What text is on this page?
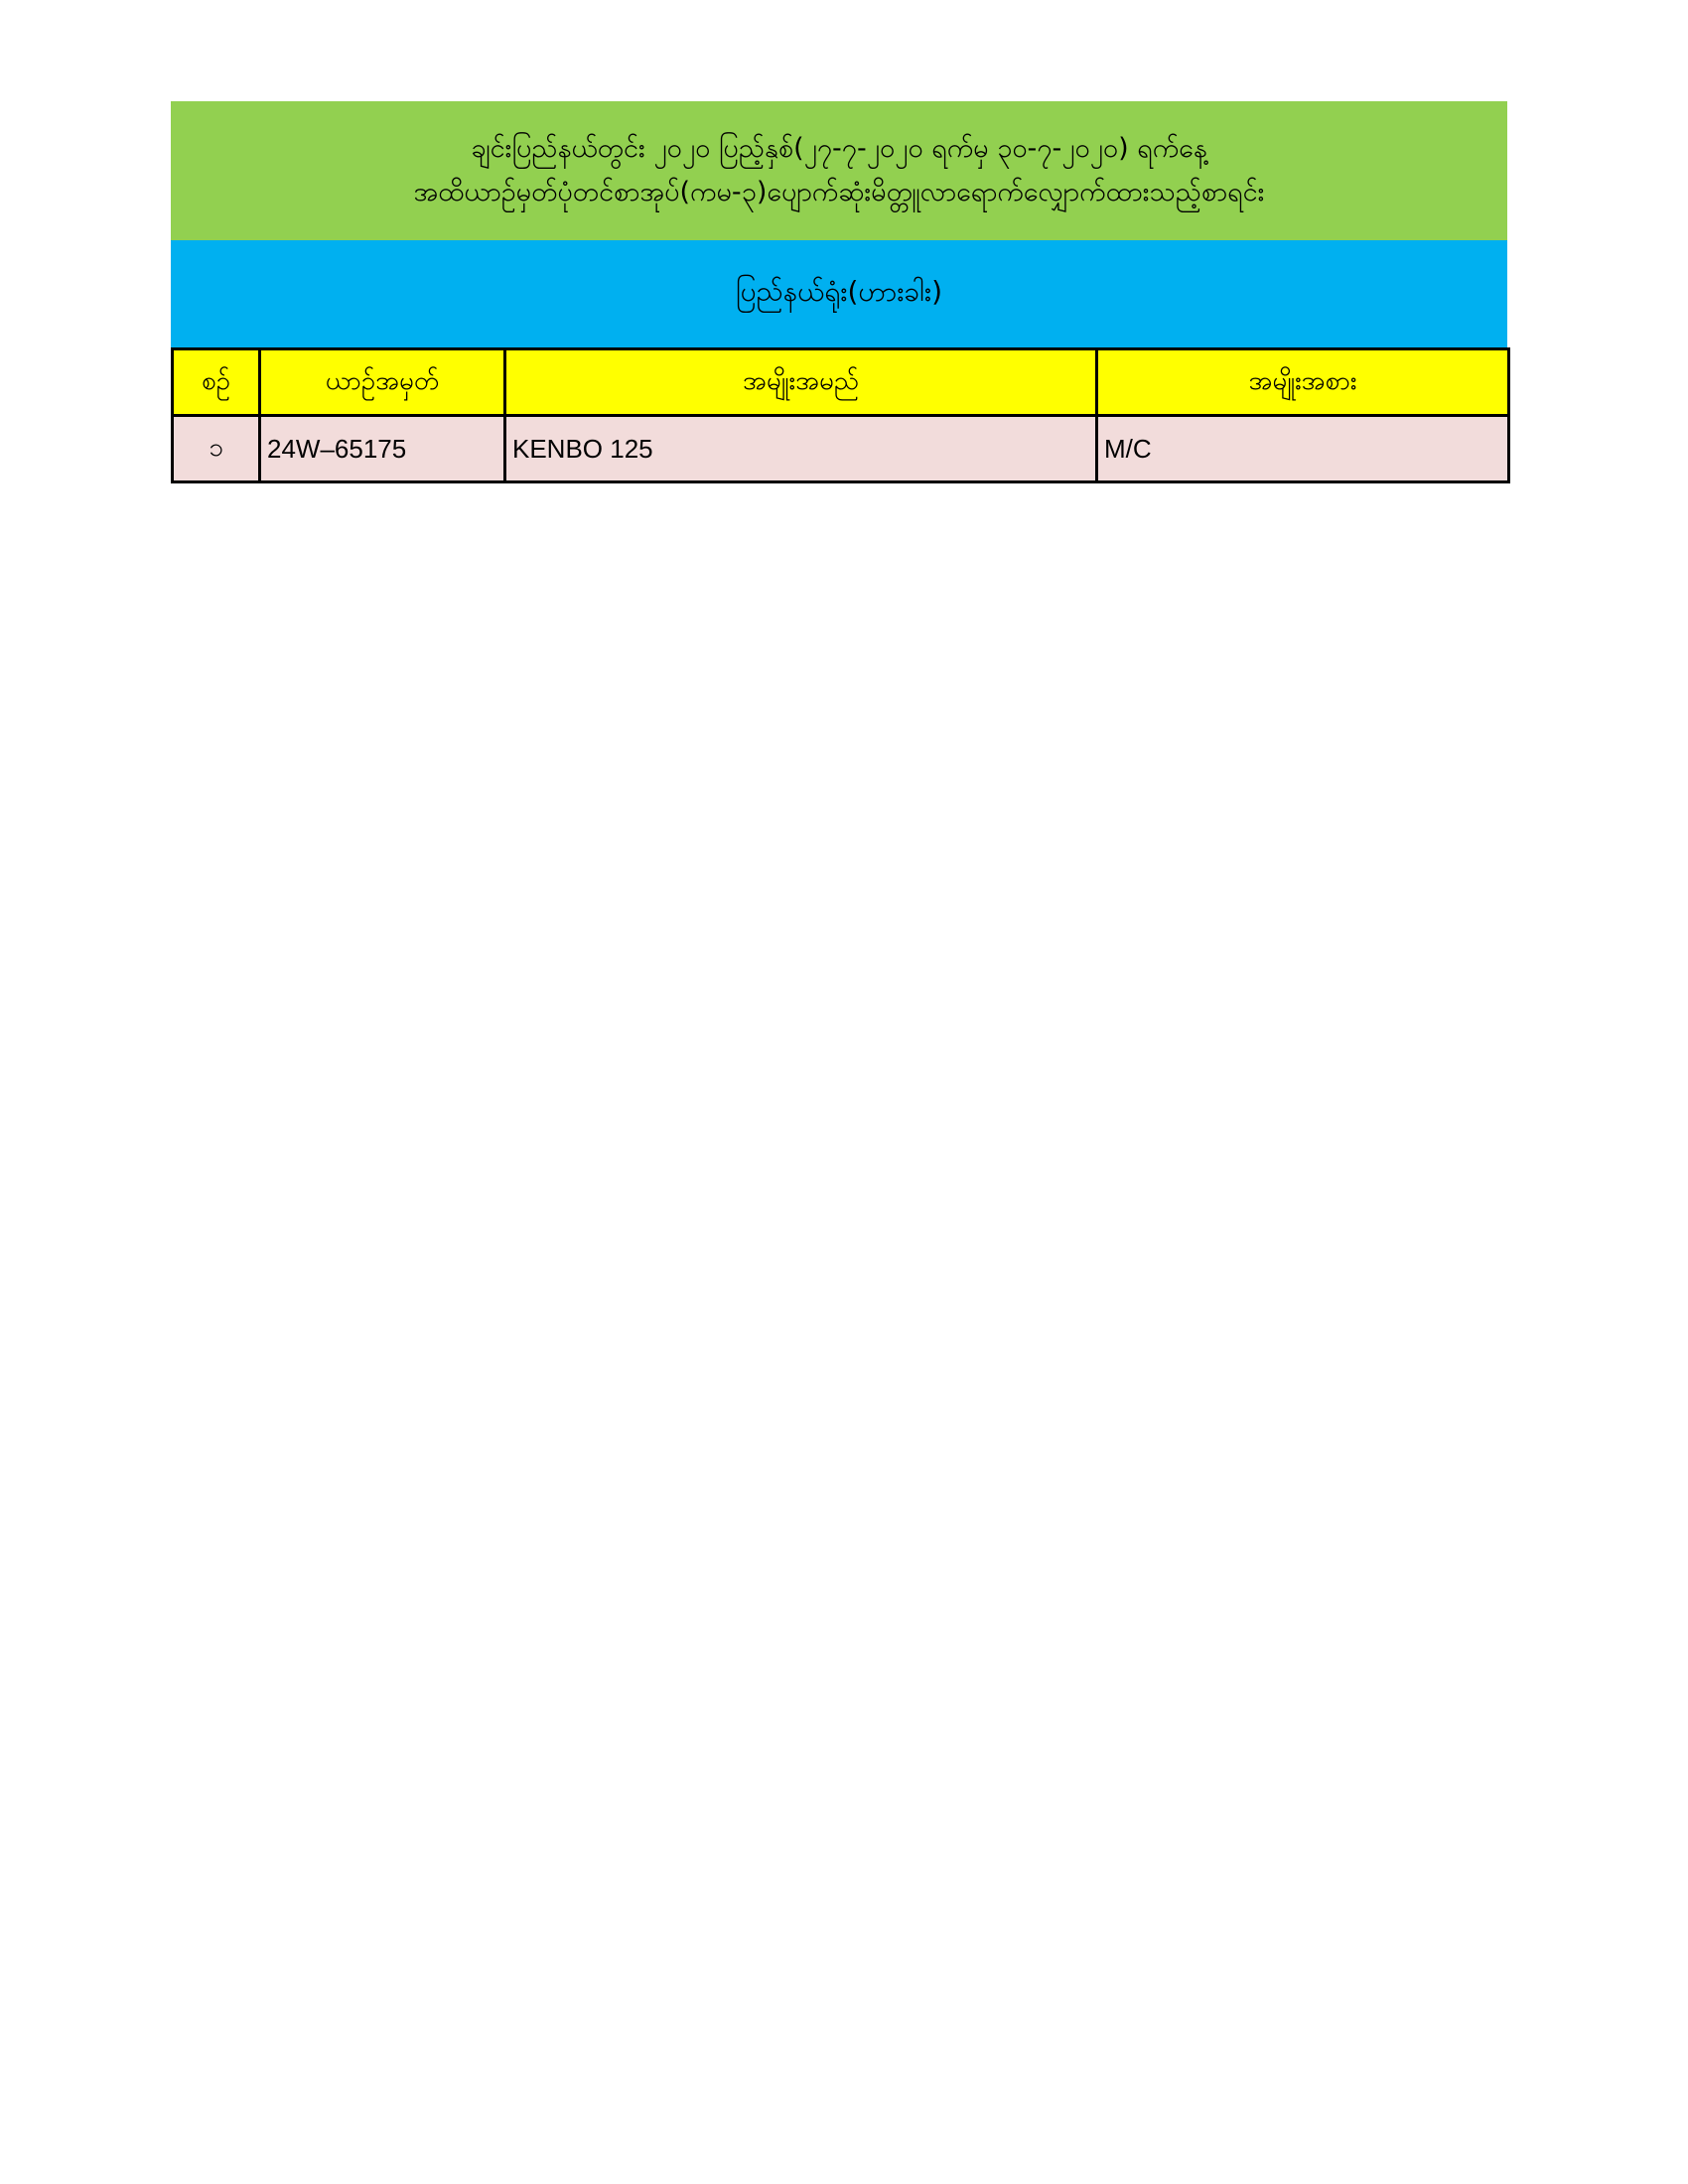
ချင်းပြည်နယ်တွင်း ၂၀၂၀ ပြည့်နှစ်(၂၇-၇-၂၀၂၀ ရက်မှ ၃၀-၇-၂၀၂၀) ရက်နေ့
အထိယာဉ်မှတ်ပုံတင်စာအုပ်(ကမ-၃)ပျောက်ဆုံးမိတ္တူလာရောက်လျှောက်ထားသည့်စာရင်း
ပြည်နယ်ရုံး(ဟားခါး)
စဉ်	ယာဉ်အမှတ်	အမျိုးအမည်	အမျိုးအစား
၁	24W–65175	KENBO 125	M/C
